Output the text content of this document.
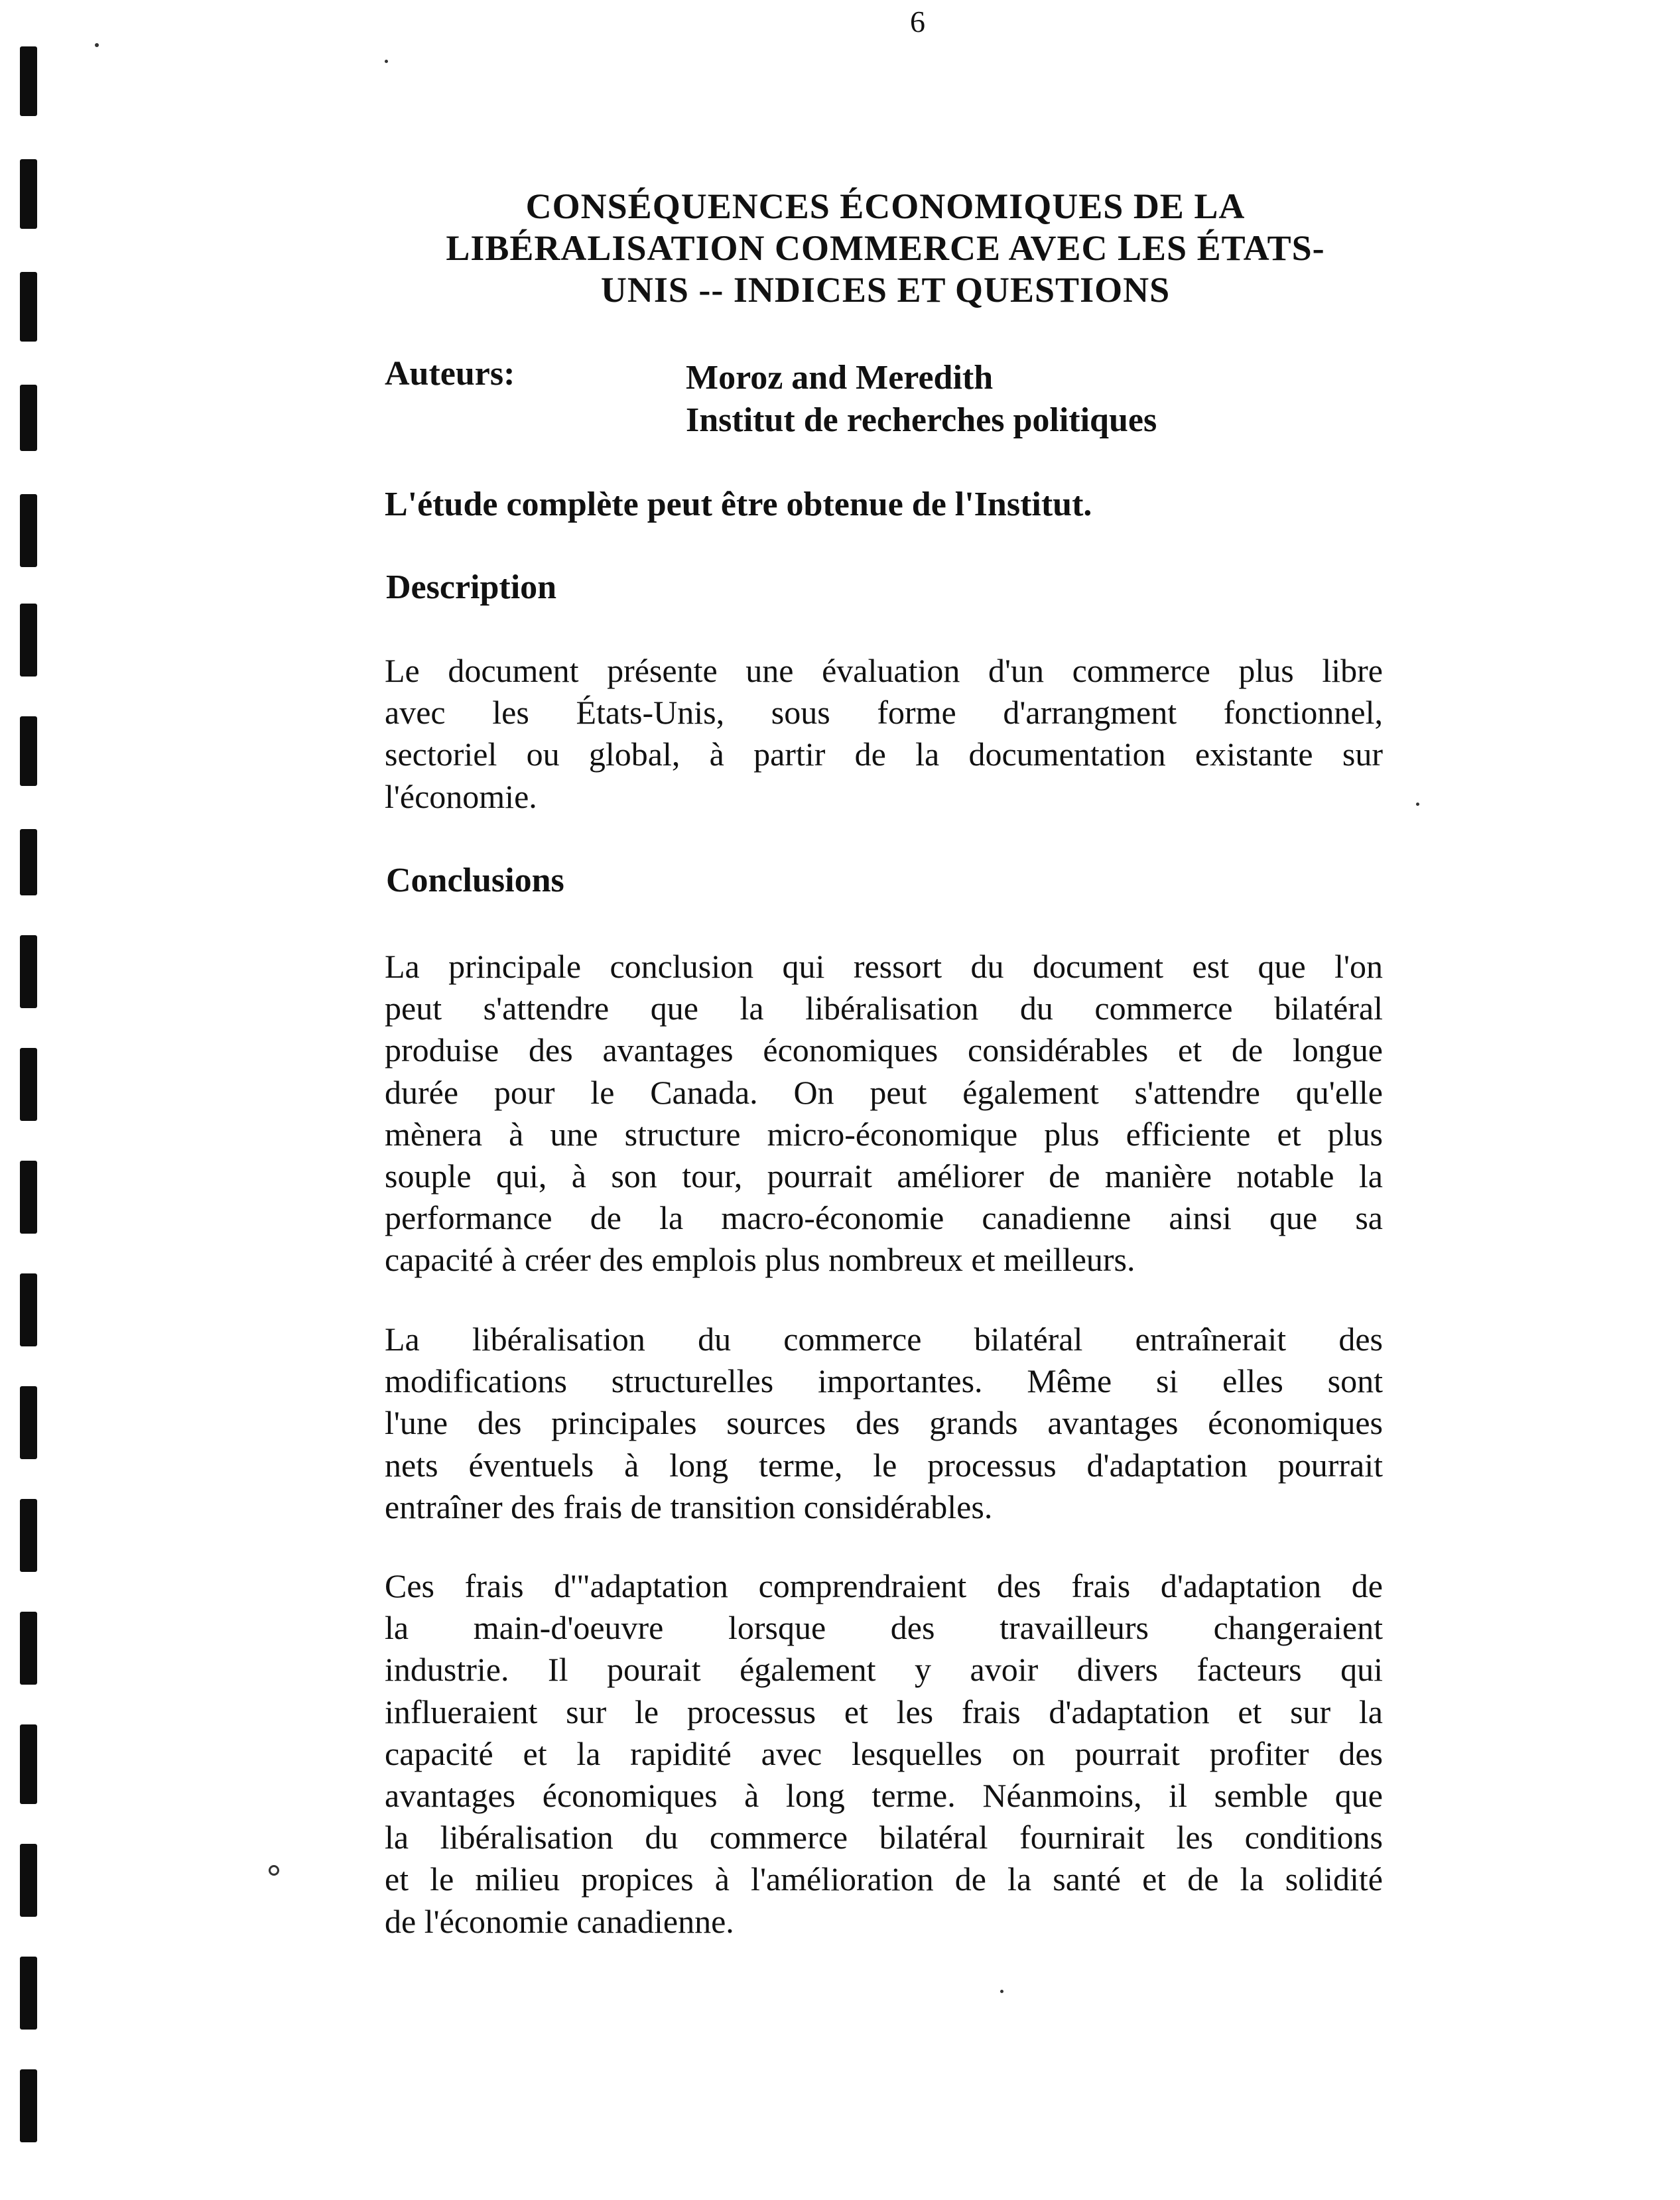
6
CONSÉQUENCES ÉCONOMIQUES DE LA
LIBÉRALISATION COMMERCE AVEC LES ÉTATS-
UNIS -- INDICES ET QUESTIONS
Auteurs:	Moroz and Meredith
Institut de recherches politiques
L'étude complète peut être obtenue de l'Institut.
Description
Le document présente une évaluation d'un commerce plus libre
avec les États-Unis, sous forme d'arrangment fonctionnel,
sectoriel ou global, à partir de la documentation existante sur
l'économie.
Conclusions
La principale conclusion qui ressort du document est que l'on
peut s'attendre que la libéralisation du commerce bilatéral
produise des avantages économiques considérables et de longue
durée pour le Canada. On peut également s'attendre qu'elle
mènera à une structure micro-économique plus efficiente et plus
souple qui, à son tour, pourrait améliorer de manière notable la
performance de la macro-économie canadienne ainsi que sa
capacité à créer des emplois plus nombreux et meilleurs.
La libéralisation du commerce bilatéral entraînerait des
modifications structurelles importantes. Même si elles sont
l'une des principales sources des grands avantages économiques
nets éventuels à long terme, le processus d'adaptation pourrait
entraîner des frais de transition considérables.
Ces frais d'"adaptation comprendraient des frais d'adaptation de
la main-d'oeuvre lorsque des travailleurs changeraient
industrie. Il pourait également y avoir divers facteurs qui
influeraient sur le processus et les frais d'adaptation et sur la
capacité et la rapidité avec lesquelles on pourrait profiter des
avantages économiques à long terme. Néanmoins, il semble que
la libéralisation du commerce bilatéral fournirait les conditions
et le milieu propices à l'amélioration de la santé et de la solidité
de l'économie canadienne.
